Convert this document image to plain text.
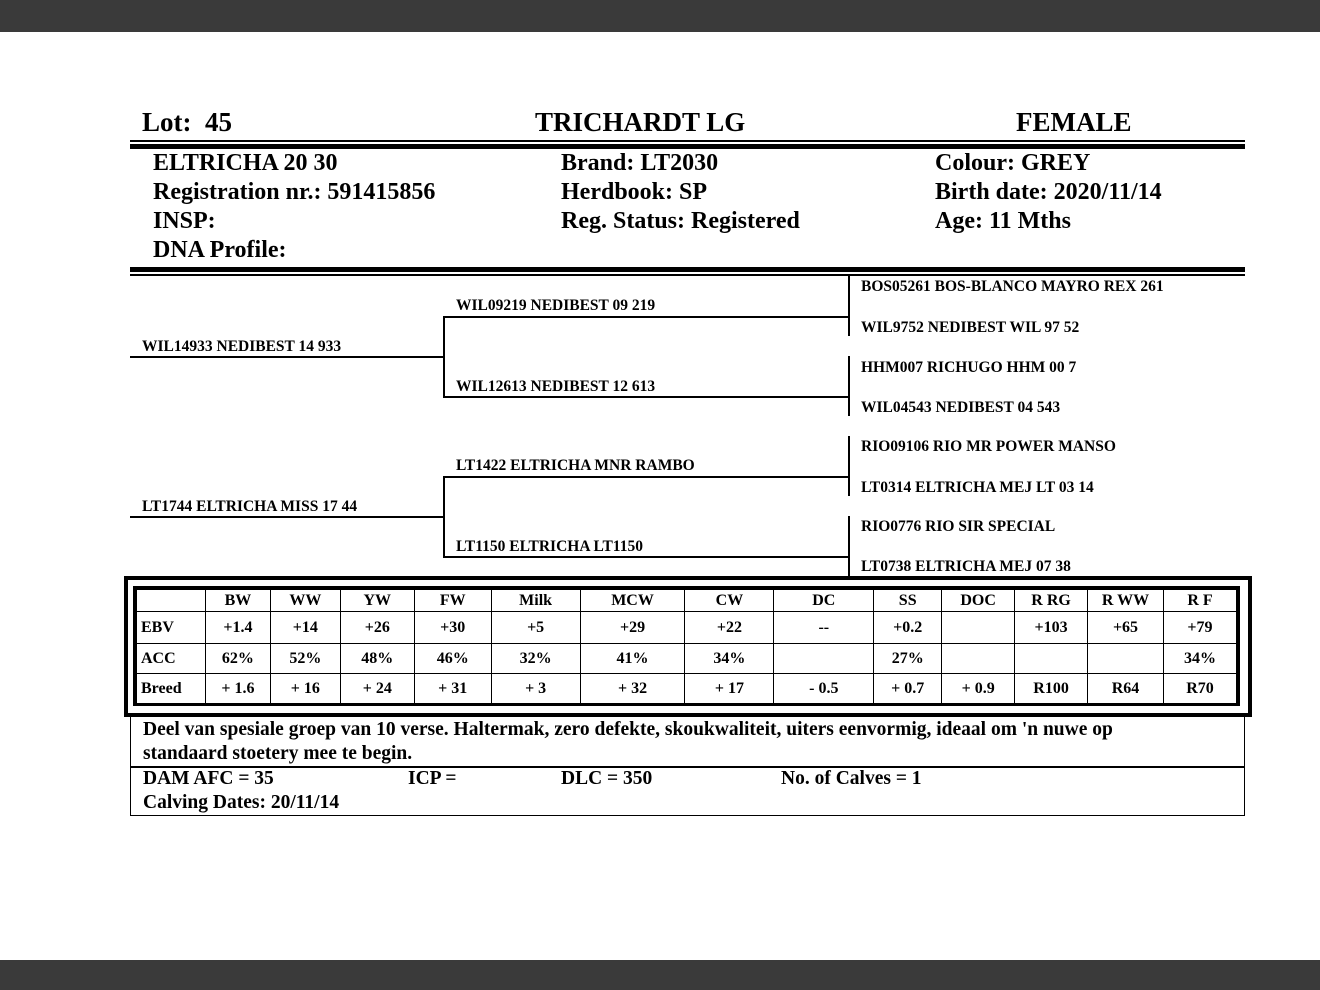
Lot: 45	TRICHARDT LG	FEMALE
ELTRICHA 20 30
Registration nr.: 591415856
INSP:
DNA Profile:
Brand: LT2030
Herdbook: SP
Reg. Status: Registered
Colour: GREY
Birth date: 2020/11/14
Age: 11 Mths
WIL14933 NEDIBEST 14 933
LT1744 ELTRICHA MISS 17 44
WIL09219 NEDIBEST 09 219
WIL12613 NEDIBEST 12 613
LT1422 ELTRICHA MNR RAMBO
LT1150 ELTRICHA LT1150
BOS05261 BOS-BLANCO MAYRO REX 261
WIL9752 NEDIBEST WIL 97 52
HHM007 RICHUGO HHM 00 7
WIL04543 NEDIBEST 04 543
RIO09106 RIO MR POWER MANSO
LT0314 ELTRICHA MEJ LT 03 14
RIO0776 RIO SIR SPECIAL
LT0738 ELTRICHA MEJ 07 38
	BW	WW	YW	FW	Milk	MCW	CW	DC	SS	DOC	R RG	R WW	R F
EBV	+1.4	+14	+26	+30	+5	+29	+22	--	+0.2		+103	+65	+79
ACC	62%	52%	48%	46%	32%	41%	34%		27%				34%
Breed	+ 1.6	+ 16	+ 24	+ 31	+ 3	+ 32	+ 17	- 0.5	+ 0.7	+ 0.9	R100	R64	R70
Deel van spesiale groep van 10 verse. Haltermak, zero defekte, skoukwaliteit, uiters eenvormig, ideaal om 'n nuwe op
standaard stoetery mee te begin.
DAM AFC = 35	ICP =	DLC = 350	No. of Calves = 1
Calving Dates: 20/11/14
